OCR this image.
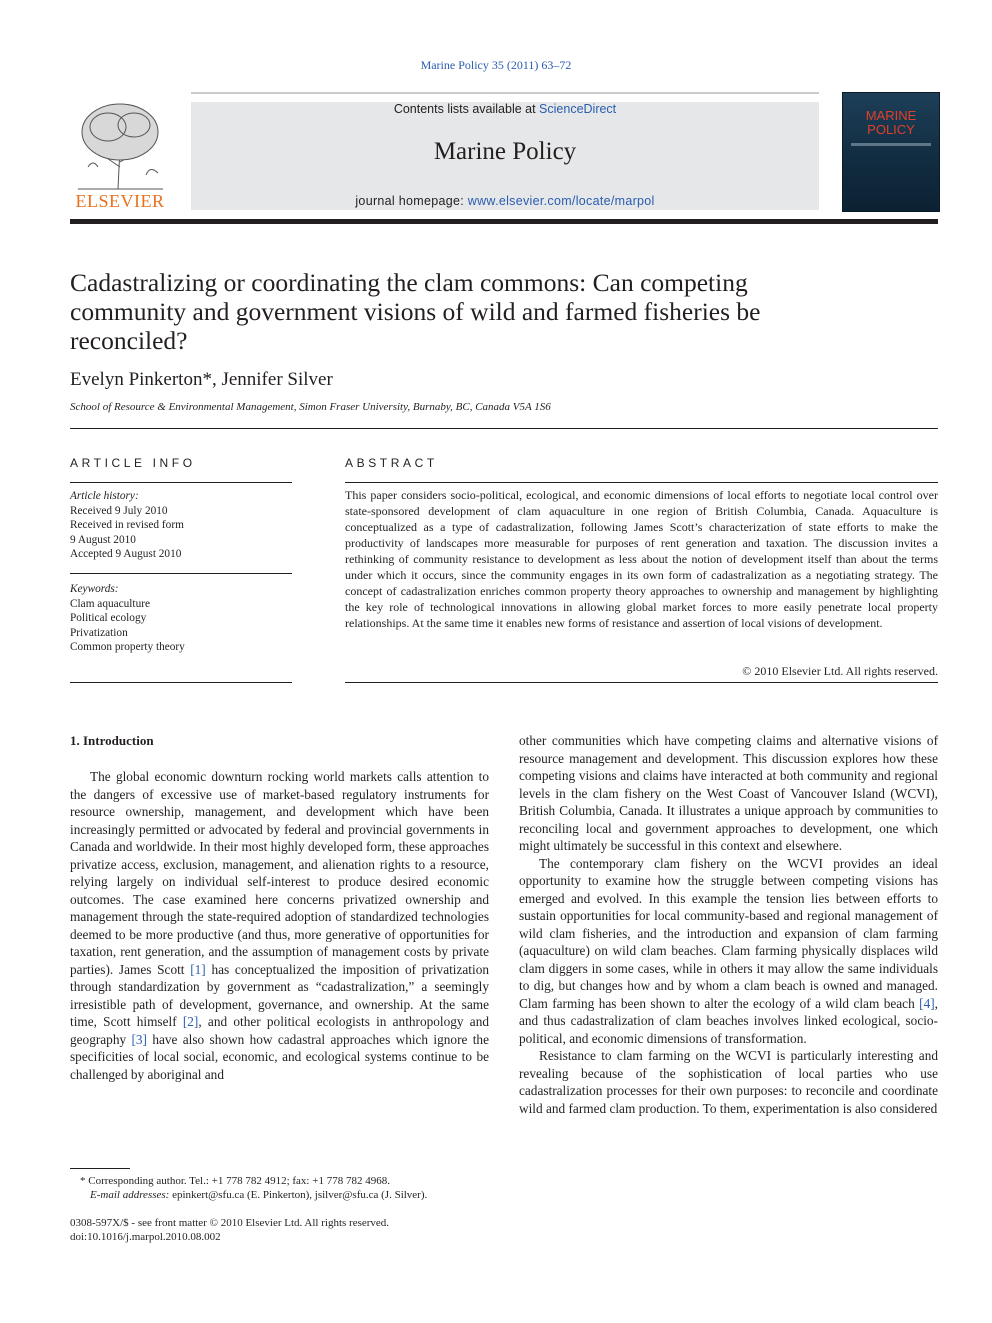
Marine Policy 35 (2011) 63–72
ELSEVIER
Contents lists available at ScienceDirect
Marine Policy
journal homepage: www.elsevier.com/locate/marpol
MARINE POLICY
Cadastralizing or coordinating the clam commons: Can competing community and government visions of wild and farmed fisheries be reconciled?
Evelyn Pinkerton*, Jennifer Silver
School of Resource & Environmental Management, Simon Fraser University, Burnaby, BC, Canada V5A 1S6
ARTICLE INFO
Article history:
Received 9 July 2010
Received in revised form
9 August 2010
Accepted 9 August 2010
Keywords:
Clam aquaculture
Political ecology
Privatization
Common property theory
ABSTRACT
This paper considers socio-political, ecological, and economic dimensions of local efforts to negotiate local control over state-sponsored development of clam aquaculture in one region of British Columbia, Canada. Aquaculture is conceptualized as a type of cadastralization, following James Scott’s characterization of state efforts to make the productivity of landscapes more measurable for purposes of rent generation and taxation. The discussion invites a rethinking of community resistance to development as less about the notion of development itself than about the terms under which it occurs, since the community engages in its own form of cadastralization as a negotiating strategy. The concept of cadastralization enriches common property theory approaches to ownership and management by highlighting the key role of technological innovations in allowing global market forces to more easily penetrate local property relationships. At the same time it enables new forms of resistance and assertion of local visions of development.
© 2010 Elsevier Ltd. All rights reserved.
1. Introduction

The global economic downturn rocking world markets calls attention to the dangers of excessive use of market-based regulatory instruments for resource ownership, management, and development which have been increasingly permitted or advocated by federal and provincial governments in Canada and worldwide. In their most highly developed form, these approaches privatize access, exclusion, management, and alienation rights to a resource, relying largely on individual self-interest to produce desired economic outcomes. The case examined here concerns privatized ownership and management through the state-required adoption of standardized technologies deemed to be more productive (and thus, more generative of opportunities for taxation, rent generation, and the assumption of management costs by private parties). James Scott [1] has conceptualized the imposition of privatization through standardization by government as “cadastralization,” a seemingly irresistible path of development, governance, and ownership. At the same time, Scott himself [2], and other political ecologists in anthropology and geography [3] have also shown how cadastral approaches which ignore the specificities of local social, economic, and ecological systems continue to be challenged by aboriginal and

other communities which have competing claims and alternative visions of resource management and development. This discussion explores how these competing visions and claims have interacted at both community and regional levels in the clam fishery on the West Coast of Vancouver Island (WCVI), British Columbia, Canada. It illustrates a unique approach by communities to reconciling local and government approaches to development, one which might ultimately be successful in this context and elsewhere.

The contemporary clam fishery on the WCVI provides an ideal opportunity to examine how the struggle between competing visions has emerged and evolved. In this example the tension lies between efforts to sustain opportunities for local community-based and regional management of wild clam fisheries, and the introduction and expansion of clam farming (aquaculture) on wild clam beaches. Clam farming physically displaces wild clam diggers in some cases, while in others it may allow the same individuals to dig, but changes how and by whom a clam beach is owned and managed. Clam farming has been shown to alter the ecology of a wild clam beach [4], and thus cadastralization of clam beaches involves linked ecological, socio-political, and economic dimensions of transformation.

Resistance to clam farming on the WCVI is particularly interesting and revealing because of the sophistication of local parties who use cadastralization processes for their own purposes: to reconcile and coordinate wild and farmed clam production. To them, experimentation is also considered

* Corresponding author. Tel.: +1 778 782 4912; fax: +1 778 782 4968.
E-mail addresses: epinkert@sfu.ca (E. Pinkerton), jsilver@sfu.ca (J. Silver).
0308-597X/$ - see front matter © 2010 Elsevier Ltd. All rights reserved.
doi:10.1016/j.marpol.2010.08.002
